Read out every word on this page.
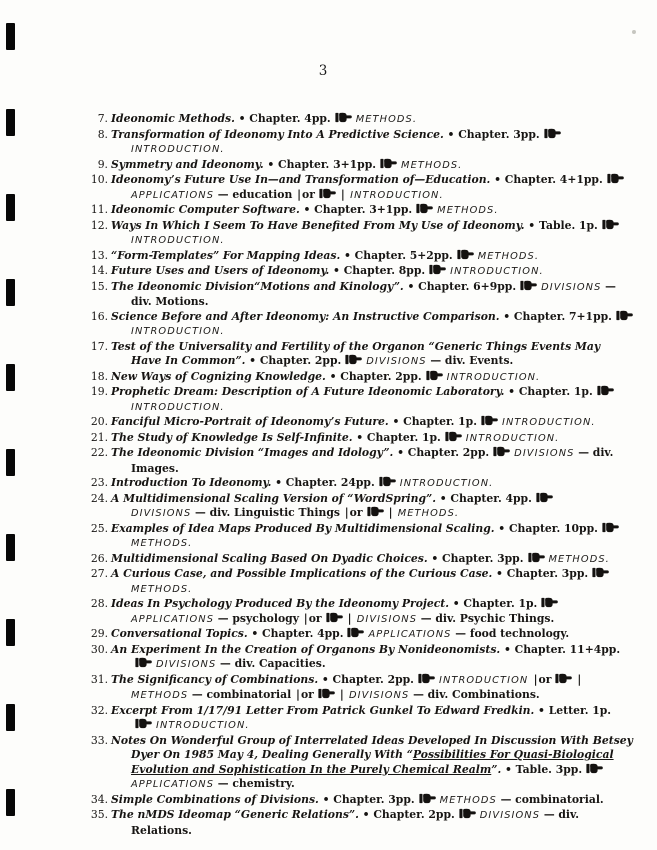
3
7. Ideonomic Methods. • Chapter. 4pp.	METHODS.
8. Transformation of Ideonomy Into A Predictive Science. • Chapter. 3pp.

INTRODUCTION.
9. Symmetry and Ideonomy. • Chapter. 3+1pp.	METHODS.
10. Ideonomy’s Future Use In—and Transformation of—Education. • Chapter. 4+1pp.

APPLICATIONS — education |or | INTRODUCTION.
11. Ideonomic Computer Software. • Chapter. 3+1pp.	METHODS.
12. Ways In Which I Seem To Have Benefited From My Use of Ideonomy. • Table. 1p.

INTRODUCTION.
13. “Form-Templates” For Mapping Ideas. • Chapter. 5+2pp.	METHODS.
14. Future Uses and Users of Ideonomy. • Chapter. 8pp.	INTRODUCTION.
15. The Ideonomic Division“Motions and Kinology”. • Chapter. 6+9pp.	DIVISIONS —
div. Motions.
16. Science Before and After Ideonomy: An Instructive Comparison. • Chapter. 7+1pp.

INTRODUCTION.
17. Test of the Universality and Fertility of the Organon “Generic Things Events May
Have In Common”. • Chapter. 2pp.	DIVISIONS — div. Events.
18. New Ways of Cognizing Knowledge. • Chapter. 2pp.	INTRODUCTION.
19. Prophetic Dream: Description of A Future Ideonomic Laboratory. • Chapter. 1p.

INTRODUCTION.
20. Fanciful Micro-Portrait of Ideonomy’s Future. • Chapter. 1p.	INTRODUCTION.
21. The Study of Knowledge Is Self-Infinite. • Chapter. 1p.	INTRODUCTION.
22. The Ideonomic Division “Images and Idology”. • Chapter. 2pp.	DIVISIONS — div.
Images.
23. Introduction To Ideonomy. • Chapter. 24pp.	INTRODUCTION.
24. A Multidimensional Scaling Version of “WordSpring”. • Chapter. 4pp.

DIVISIONS — div. Linguistic Things |or | METHODS.
25. Examples of Idea Maps Produced By Multidimensional Scaling. • Chapter. 10pp.

METHODS.
26. Multidimensional Scaling Based On Dyadic Choices. • Chapter. 3pp.	METHODS.
27. A Curious Case, and Possible Implications of the Curious Case. • Chapter. 3pp.

METHODS.
28. Ideas In Psychology Produced By the Ideonomy Project. • Chapter. 1p.

APPLICATIONS — psychology |or | DIVISIONS — div. Psychic Things.
29. Conversational Topics. • Chapter. 4pp.	APPLICATIONS — food technology.
30. An Experiment In the Creation of Organons By Nonideonomists. • Chapter. 11+4pp.

DIVISIONS — div. Capacities.
31. The Significancy of Combinations. • Chapter. 2pp.	INTRODUCTION |or |
METHODS — combinatorial |or | DIVISIONS — div. Combinations.
32. Excerpt From 1/17/91 Letter From Patrick Gunkel To Edward Fredkin. • Letter. 1p.

INTRODUCTION.
33. Notes On Wonderful Group of Interrelated Ideas Developed In Discussion With Betsey
Dyer On 1985 May 4, Dealing Generally With “Possibilities For Quasi-Biological
Evolution and Sophistication In the Purely Chemical Realm”. • Table. 3pp.

APPLICATIONS — chemistry.
34. Simple Combinations of Divisions. • Chapter. 3pp.	METHODS — combinatorial.
35. The nMDS Ideomap “Generic Relations”. • Chapter. 2pp.	DIVISIONS — div.
Relations.
